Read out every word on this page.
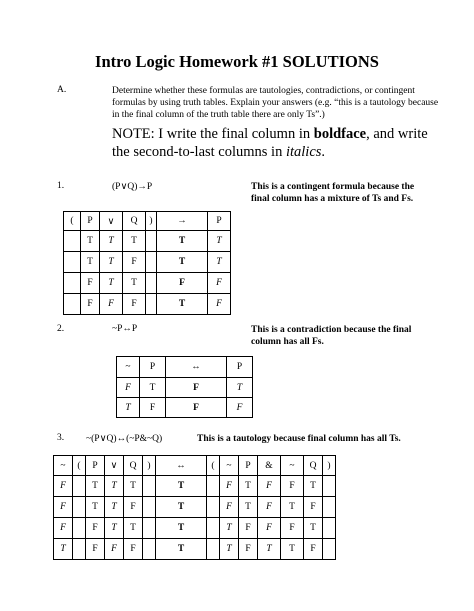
Intro Logic Homework #1 SOLUTIONS
A.	Determine whether these formulas are tautologies, contradictions, or contingent formulas by using truth tables. Explain your answers (e.g. “this is a tautology because in the final column of the truth table there are only Ts”.)
NOTE: I write the final column in boldface, and write the second-to-last columns in italics.
1.	(P∨Q)→P	This is a contingent formula because the final column has a mixture of Ts and Fs.
(	P	∨	Q	)	→	P
	T	T	T		T	T
	T	T	F		T	T
	F	T	T		F	F
	F	F	F		T	F
2.	~P↔P	This is a contradiction because the final column has all Fs.
~	P	↔	P
F	T	F	T
T	F	F	F
3. ~(P∨Q)↔(~P&~Q)	This is a tautology because final column has all Ts.
~	(	P	∨	Q	)	↔	(	~	P	&	~	Q	)
F		T	T	T		T		F	T	F	F	T	
F		T	T	F		T		F	T	F	T	F	
F		F	T	T		T		T	F	F	F	T	
T		F	F	F		T		T	F	T	T	F	
